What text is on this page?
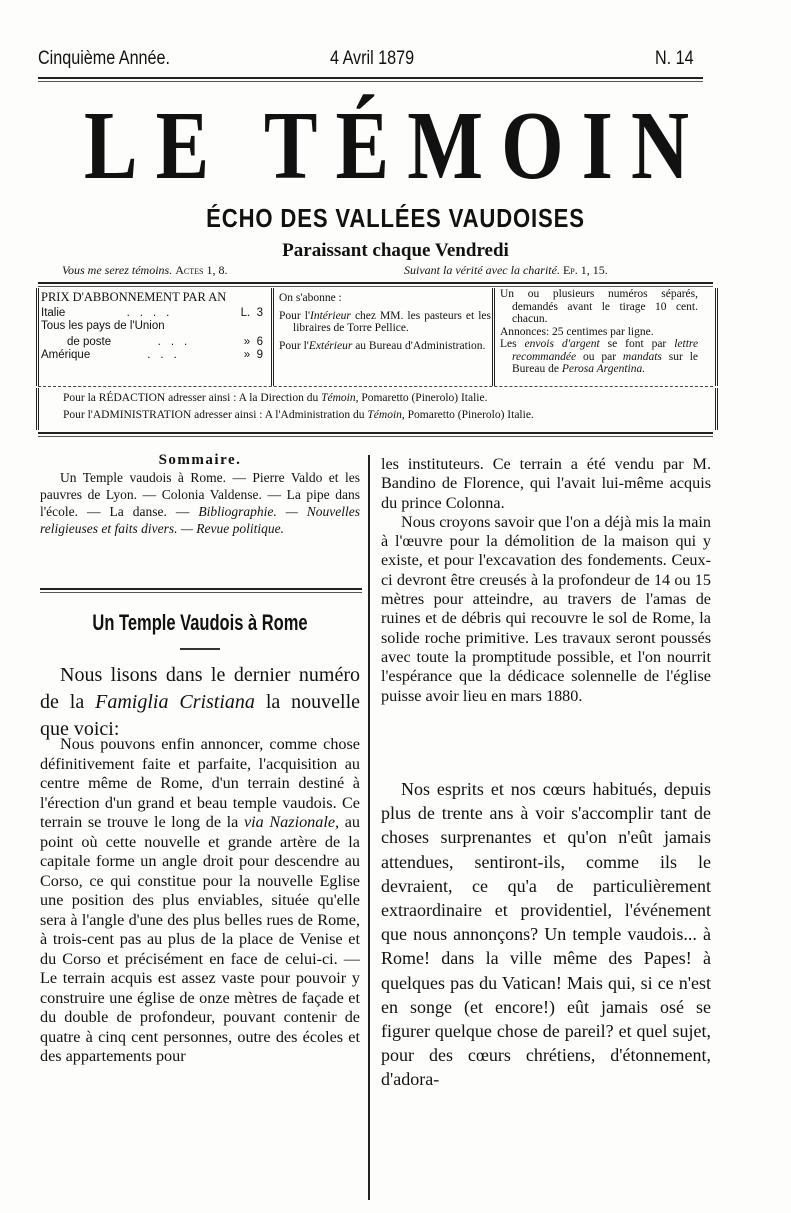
Cinquième Année.	4 Avril 1879	N. 14
LE TÉMOIN
ÉCHO DES VALLÉES VAUDOISES
Paraissant chaque Vendredi
Vous me serez témoins. Actes 1, 8.	Suivant la vérité avec la charité. Ep. 1, 15.
PRIX D'ABBONNEMENT PAR AN
Italie	....	L. 3
Tous les pays de l'Union
de poste	...	» 6
Amérique	...	» 9
On s'abonne :
Pour l'Intérieur chez MM. les pasteurs et les libraires de Torre Pellice.
Pour l'Extérieur au Bureau d'Administration.
Un ou plusieurs numéros séparés, demandés avant le tirage 10 cent. chacun.
Annonces: 25 centimes par ligne.
Les envois d'argent se font par lettre recommandée ou par mandats sur le Bureau de Perosa Argentina.
Pour la RÉDACTION adresser ainsi : A la Direction du Témoin, Pomaretto (Pinerolo) Italie.
Pour l'ADMINISTRATION adresser ainsi : A l'Administration du Témoin, Pomaretto (Pinerolo) Italie.
Sommaire.

Un Temple vaudois à Rome. — Pierre Valdo et les pauvres de Lyon. — Colonia Valdense. — La pipe dans l'école. — La danse. — Bibliographie. — Nouvelles religieuses et faits divers. — Revue politique.

Un Temple Vaudois à Rome

Nous lisons dans le dernier numéro de la Famiglia Cristiana la nouvelle que voici:

Nous pouvons enfin annoncer, comme chose définitivement faite et parfaite, l'acquisition au centre même de Rome, d'un terrain destiné à l'érection d'un grand et beau temple vaudois. Ce terrain se trouve le long de la via Nazionale, au point où cette nouvelle et grande artère de la capitale forme un angle droit pour descendre au Corso, ce qui constitue pour la nouvelle Eglise une position des plus enviables, située qu'elle sera à l'angle d'une des plus belles rues de Rome, à trois-cent pas au plus de la place de Venise et du Corso et précisément en face de celui-ci. — Le terrain acquis est assez vaste pour pouvoir y construire une église de onze mètres de façade et du double de profondeur, pouvant contenir de quatre à cinq cent personnes, outre des écoles et des appartements pour

les instituteurs. Ce terrain a été vendu par M. Bandino de Florence, qui l'avait lui-même acquis du prince Colonna.

Nous croyons savoir que l'on a déjà mis la main à l'œuvre pour la démolition de la maison qui y existe, et pour l'excavation des fondements. Ceux-ci devront être creusés à la profondeur de 14 ou 15 mètres pour atteindre, au travers de l'amas de ruines et de débris qui recouvre le sol de Rome, la solide roche primitive. Les travaux seront poussés avec toute la promptitude possible, et l'on nourrit l'espérance que la dédicace solennelle de l'église puisse avoir lieu en mars 1880.

Nos esprits et nos cœurs habitués, depuis plus de trente ans à voir s'accomplir tant de choses surprenantes et qu'on n'eût jamais attendues, sentiront-ils, comme ils le devraient, ce qu'a de particulièrement extraordinaire et providentiel, l'événement que nous annonçons? Un temple vaudois... à Rome! dans la ville même des Papes! à quelques pas du Vatican! Mais qui, si ce n'est en songe (et encore!) eût jamais osé se figurer quelque chose de pareil? et quel sujet, pour des cœurs chrétiens, d'étonnement, d'adora-
